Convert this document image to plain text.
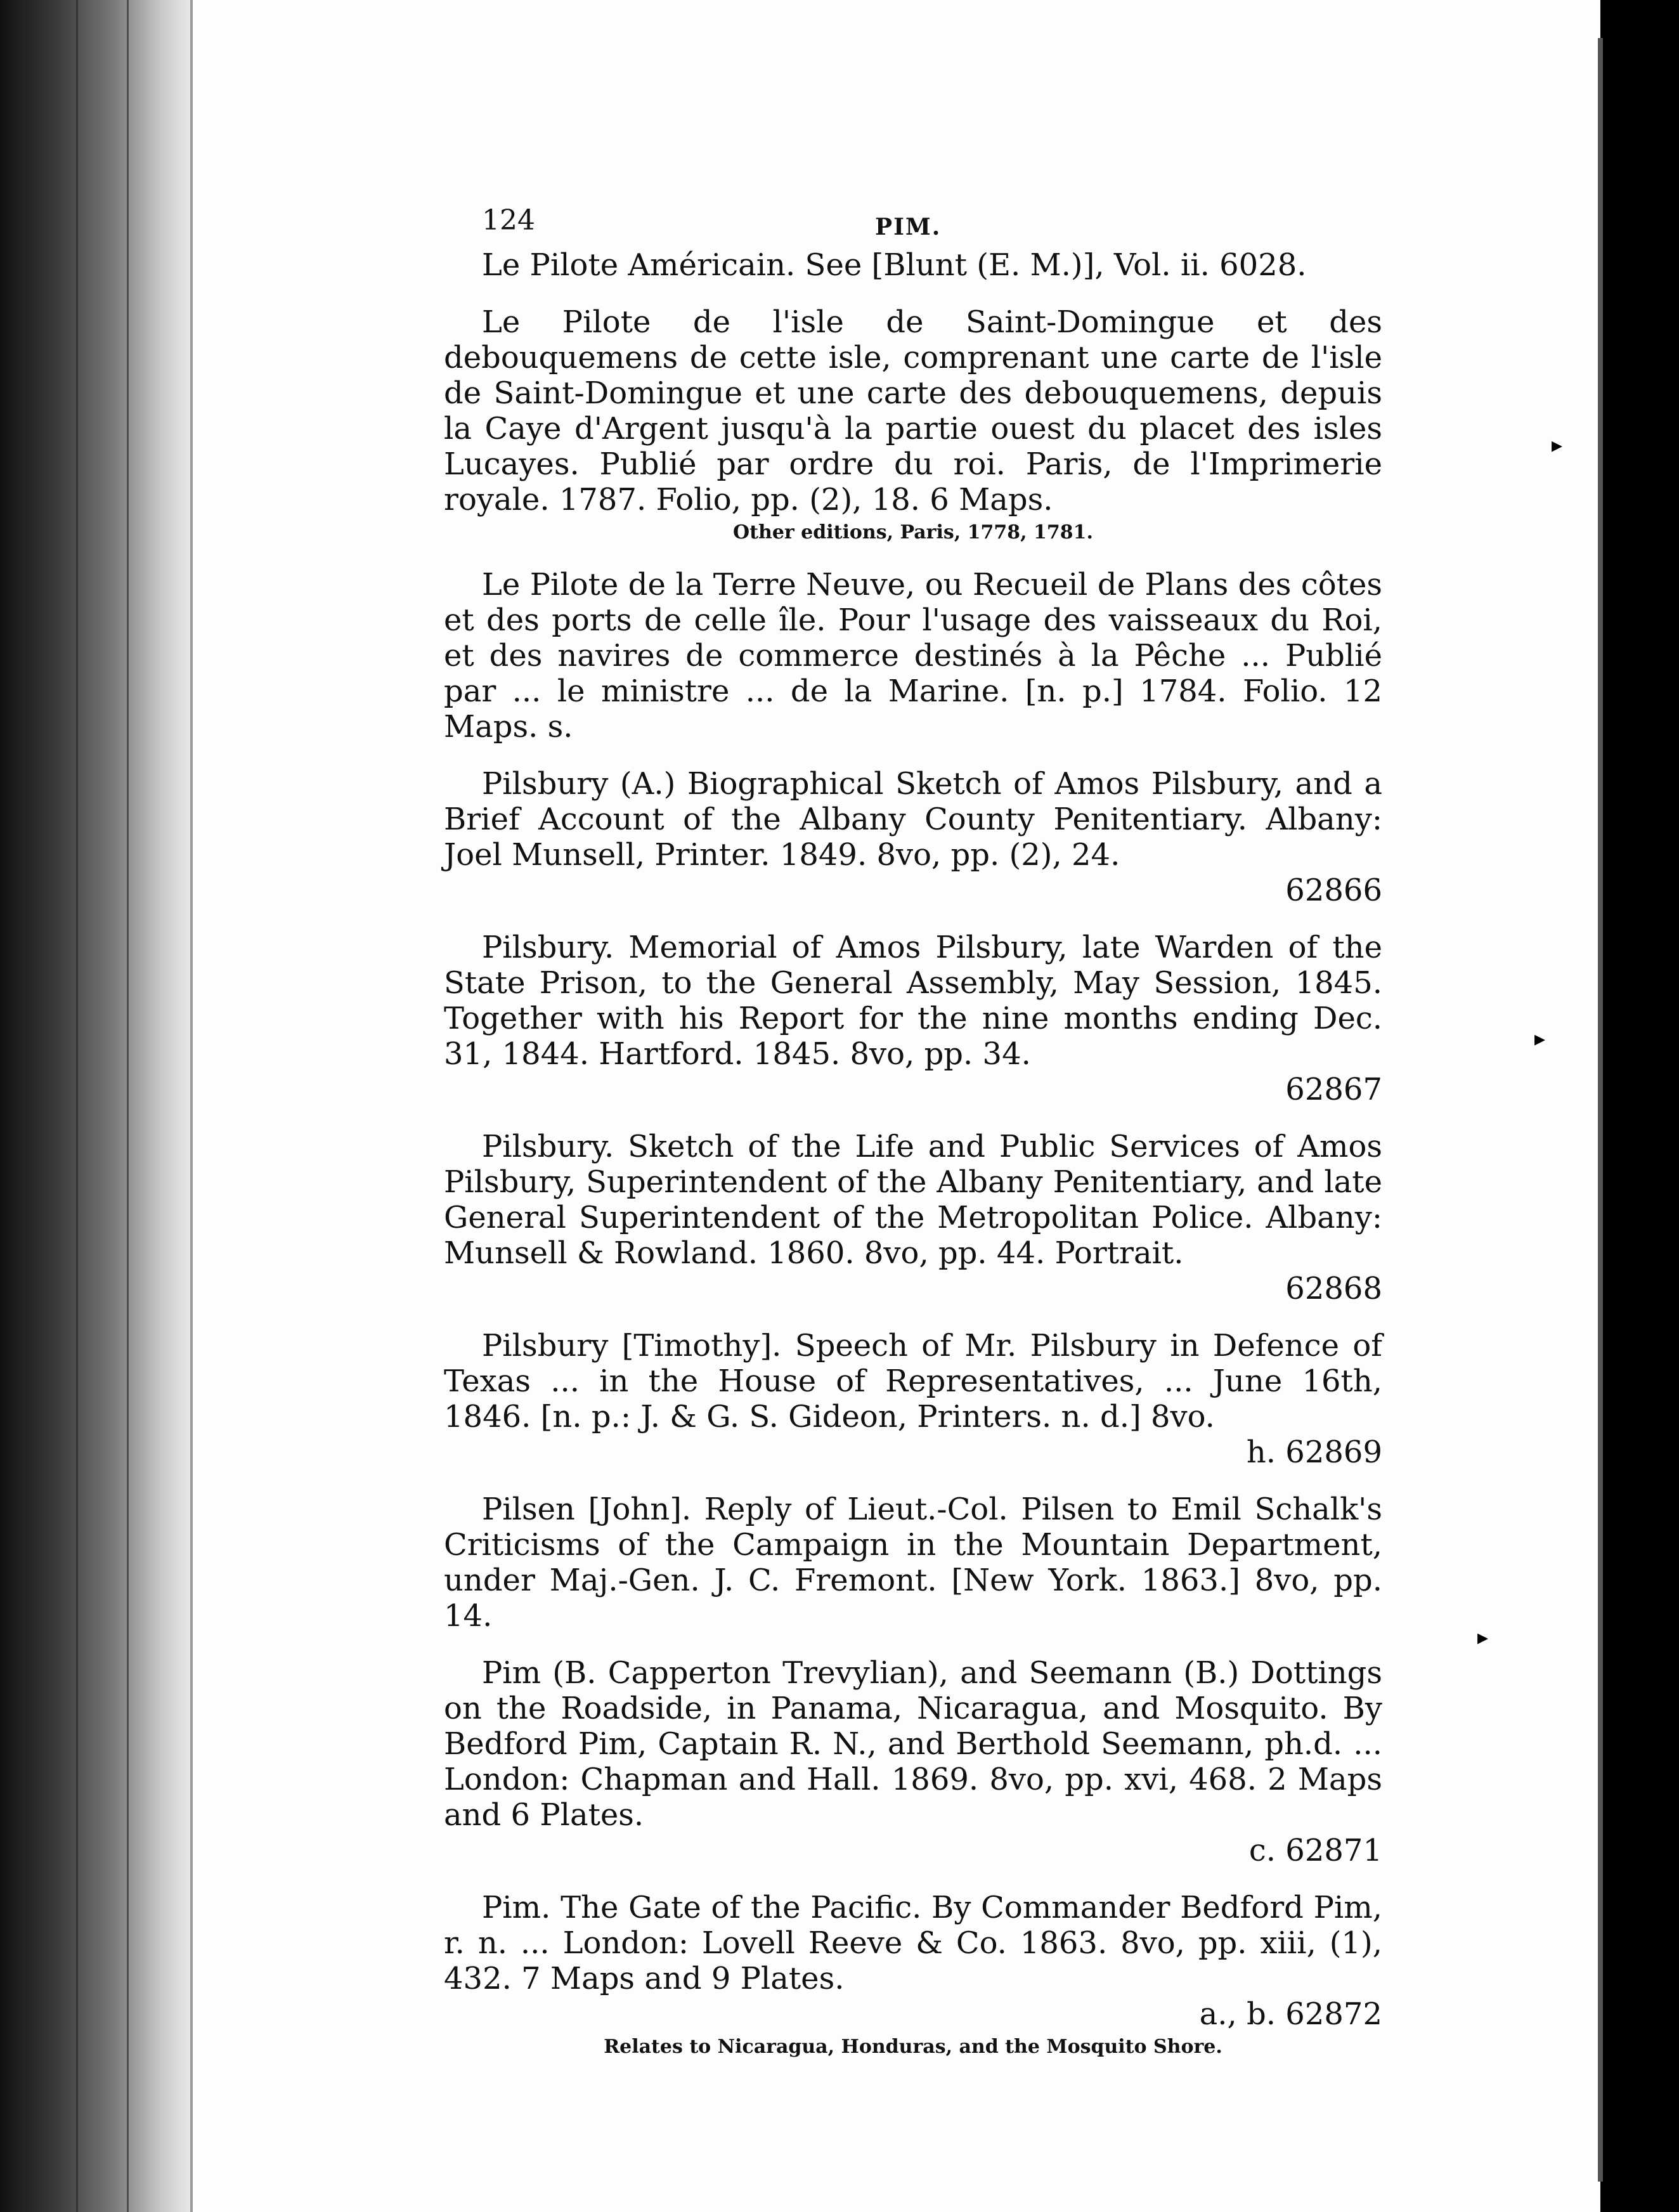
▸
▸
▸
124	PIM.
Le Pilote Américain. See [Blunt (E. M.)], Vol. ii. 6028.
Le Pilote de l'isle de Saint-Domingue et des debouquemens de cette isle, comprenant une carte de l'isle de Saint-Domingue et une carte des debouquemens, depuis la Caye d'Argent jusqu'à la partie ouest du placet des isles Lucayes. Publié par ordre du roi. Paris, de l'Imprimerie royale. 1787. Folio, pp. (2), 18. 6 Maps.
Other editions, Paris, 1778, 1781.
Le Pilote de la Terre Neuve, ou Recueil de Plans des côtes et des ports de celle île. Pour l'usage des vaisseaux du Roi, et des navires de commerce destinés à la Pêche ... Publié par ... le ministre ... de la Marine. [n. p.] 1784. Folio. 12 Maps. s.
Pilsbury (A.) Biographical Sketch of Amos Pilsbury, and a Brief Account of the Albany County Penitentiary. Albany: Joel Munsell, Printer. 1849. 8vo, pp. (2), 24.
62866
Pilsbury. Memorial of Amos Pilsbury, late Warden of the State Prison, to the General Assembly, May Session, 1845. Together with his Report for the nine months ending Dec. 31, 1844. Hartford. 1845. 8vo, pp. 34.
62867
Pilsbury. Sketch of the Life and Public Services of Amos Pilsbury, Superintendent of the Albany Penitentiary, and late General Superintendent of the Metropolitan Police. Albany: Munsell & Rowland. 1860. 8vo, pp. 44. Portrait.
62868
Pilsbury [Timothy]. Speech of Mr. Pilsbury in Defence of Texas ... in the House of Representatives, ... June 16th, 1846. [n. p.: J. & G. S. Gideon, Printers. n. d.] 8vo.
h. 62869
Pilsen [John]. Reply of Lieut.-Col. Pilsen to Emil Schalk's Criticisms of the Campaign in the Mountain Department, under Maj.-Gen. J. C. Fremont. [New York. 1863.] 8vo, pp. 14.
Pim (B. Capperton Trevylian), and Seemann (B.) Dottings on the Roadside, in Panama, Nicaragua, and Mosquito. By Bedford Pim, Captain R. N., and Berthold Seemann, ph.d. ... London: Chapman and Hall. 1869. 8vo, pp. xvi, 468. 2 Maps and 6 Plates.
c. 62871
Pim. The Gate of the Pacific. By Commander Bedford Pim, r. n. ... London: Lovell Reeve & Co. 1863. 8vo, pp. xiii, (1), 432. 7 Maps and 9 Plates.
a., b. 62872
Relates to Nicaragua, Honduras, and the Mosquito Shore.
